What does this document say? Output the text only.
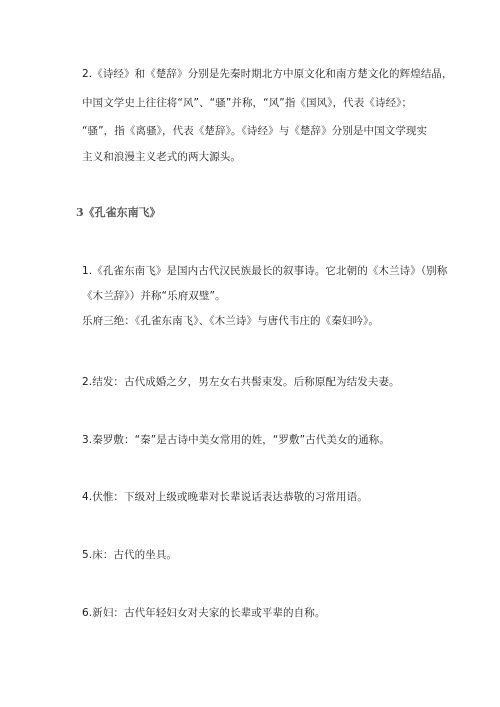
2.《诗经》和《楚辞》分别是先秦时期北方中原文化和南方楚文化的辉煌结晶，

中国文学史上往往将“风”、“骚”并称，“风”指《国风》，代表《诗经》；

“骚”，指《离骚》，代表《楚辞》。《诗经》与《楚辞》分别是中国文学现实

主义和浪漫主义老式的两大源头。

3《孔雀东南飞》

1.《孔雀东南飞》是国内古代汉民族最长的叙事诗。它北朝的《木兰诗》（别称

《木兰辞》）并称“乐府双璧”。

乐府三绝：《孔雀东南飞》、《木兰诗》与唐代韦庄的《秦妇吟》。

2.结发：古代成婚之夕，男左女右共髻束发。后称原配为结发夫妻。

3.秦罗敷：“秦”是古诗中美女常用的姓，“罗敷”古代美女的通称。

4.伏惟：下级对上级或晚辈对长辈说话表达恭敬的习常用语。

5.床：古代的坐具。

6.新妇：古代年轻妇女对夫家的长辈或平辈的自称。
